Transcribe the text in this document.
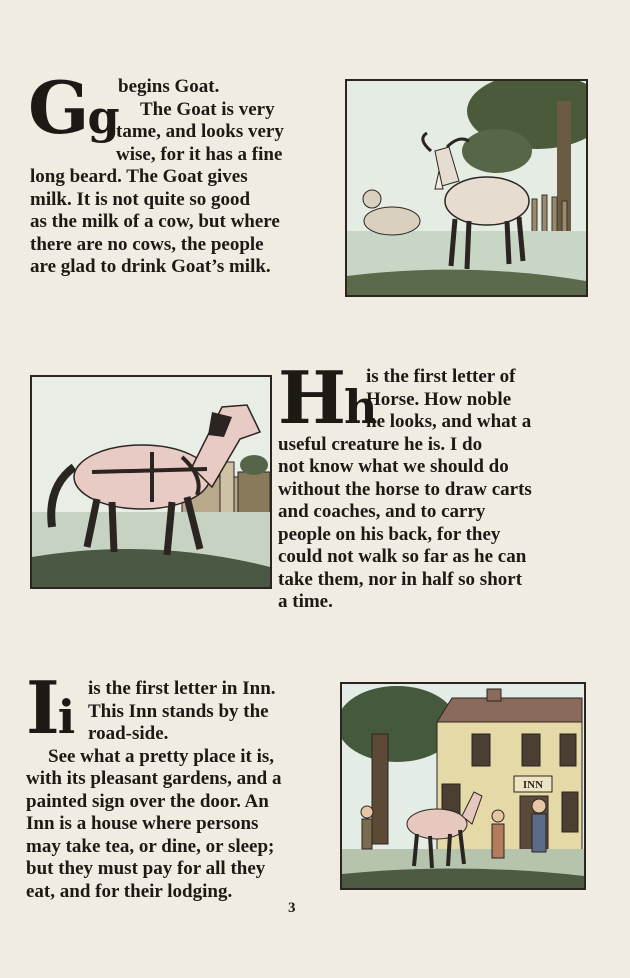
Gg
begins Goat.
The Goat is very
tame, and looks very
wise, for it has a fine
long beard. The Goat gives
milk. It is not quite so good
as the milk of a cow, but where
there are no cows, the people
are glad to drink Goat’s milk.
Hh
is the first letter of
Horse. How noble
he looks, and what a
useful creature he is. I do
not know what we should do
without the horse to draw carts
and coaches, and to carry
people on his back, for they
could not walk so far as he can
take them, nor in half so short
a time.
Ii
is the first letter in Inn.
This Inn stands by the
road-side.
See what a pretty place it is,
with its pleasant gardens, and a
painted sign over the door. An
Inn is a house where persons
may take tea, or dine, or sleep;
but they must pay for all they
eat, and for their lodging.
INN
3
